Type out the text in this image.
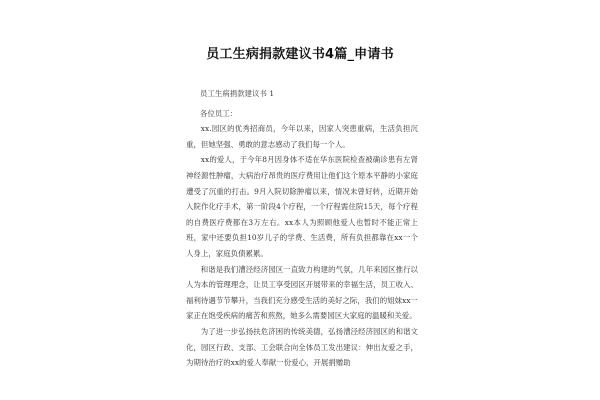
员工生病捐款建议书4篇_申请书

员工生病捐款建议书 1

各位员工：

xx.园区的优秀招商员，今年以来，因家人突患重病，生活负担沉重，但她坚强、勇敢的意志感动了我们每一个人。

xx的爱人，于今年8月因身体不适在华东医院检查被确诊患有左肾神经源性肿瘤，大病治疗昂贵的医疗费用让他们这个原本平静的小家庭遭受了沉重的打击。9月入院切除肿瘤以来，情况未曾好转，近期开始入院作化疗手术，第一阶段4个疗程，一个疗程需住院15天，每个疗程的自费医疗费都在3万左右。xx本人为照顾他爱人也暂时不能正常上班，家中还要负担10岁儿子的学费、生活费，所有负担都靠在xx一个人身上，家庭负债累累。

和谐是我们漕泾经济园区一直致力构建的气氛，几年来园区推行以人为本的管理理念，让员工享受园区开展带来的幸福生活，员工收入、福利待遇节节攀升，当我们充分感受生活的美好之际，我们的姐妹xx一家正在饱受疾病的痛苦和煎熬，她多么需要园区大家庭的温暖和关爱。

为了进一步弘扬扶危济困的传统美德，弘扬漕泾经济园区的和谐文化，园区行政、支部、工会联合向全体员工发出建议：伸出友爱之手，为期待治疗的xx的爱人奉献一份爱心，开展捐赠助
